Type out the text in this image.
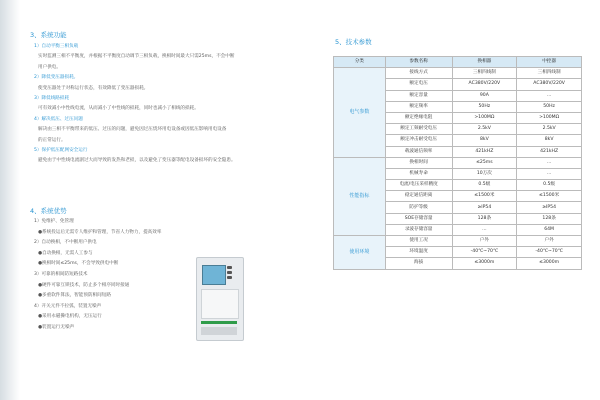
3、系统功能
1）自动平衡三相负载
实时监测三相不平衡度，并根据不平衡度自动调节三相负载，换相时间最大只需25ms，不会中断
用户供电。
2）降低变压器损耗。
使变压器处于对称运行状态，有效降低了变压器损耗。
3）降低线路损耗
可有效减小中性线电流，从而减小了中性线的损耗，同时也减小了相线的损耗。
4）解决低压、过压问题
解决由三相不平衡带来的低压、过压的问题，避免因过压烧坏用电设备或因低压影响用电设备
的正常运行。
5）保护低压配网安全运行
避免由于中性线电流剧过大而导致的发热和老损，以及避免了变压器等配电设备损坏的安全隐患。
4、系统优势
1）免维护、免管理
●系统投运后无需专人维护和管理，节省人力物力，提高效率
2）自动换相，不中断用户供电
●自动换相，无需人工参与
●换相时间≤25ms，不会导致供电中断
3）可靠的相间防短路技术
●硬件可靠互锁技术，防止多个相序同时接通
●多重软件算法，智能预防相间短路
4）开关元件不拉弧，装置无噪声
●采用永磁操电机构，无压运行
●装置运行无噪声
5、技术参数
分类	参数名称	换相器	中控器
电气参数	接线方式	三相四线制	三相四线制
	额定电压	AC380V/220V	AC380V/220V
	额定容量	90A	...
	额定频率	50Hz	50Hz
	额定绝缘电阻	>100MΩ	>100MΩ
	额定工频耐受电压	2.5kV	2.5kV
	额定冲击耐受电压	8kV	8kV
	载波通信频率	421kHZ	421kHZ
性能指标	换相时间	≤25ms	...
	机械寿命	10万次	...
	电流/电压采样精度	0.5级	0.5级
	稳定通信距离	≤1500米	≤1500米
	防护等级	≥IP54	≥IP54
	SOE存储容量	128条	128条
	录波存储容量	...	64M
使用环境	使用工况	户外	户外
	环境温度	-40℃~70℃	-40℃~70℃
	海拔	≤3000m	≤3000m
